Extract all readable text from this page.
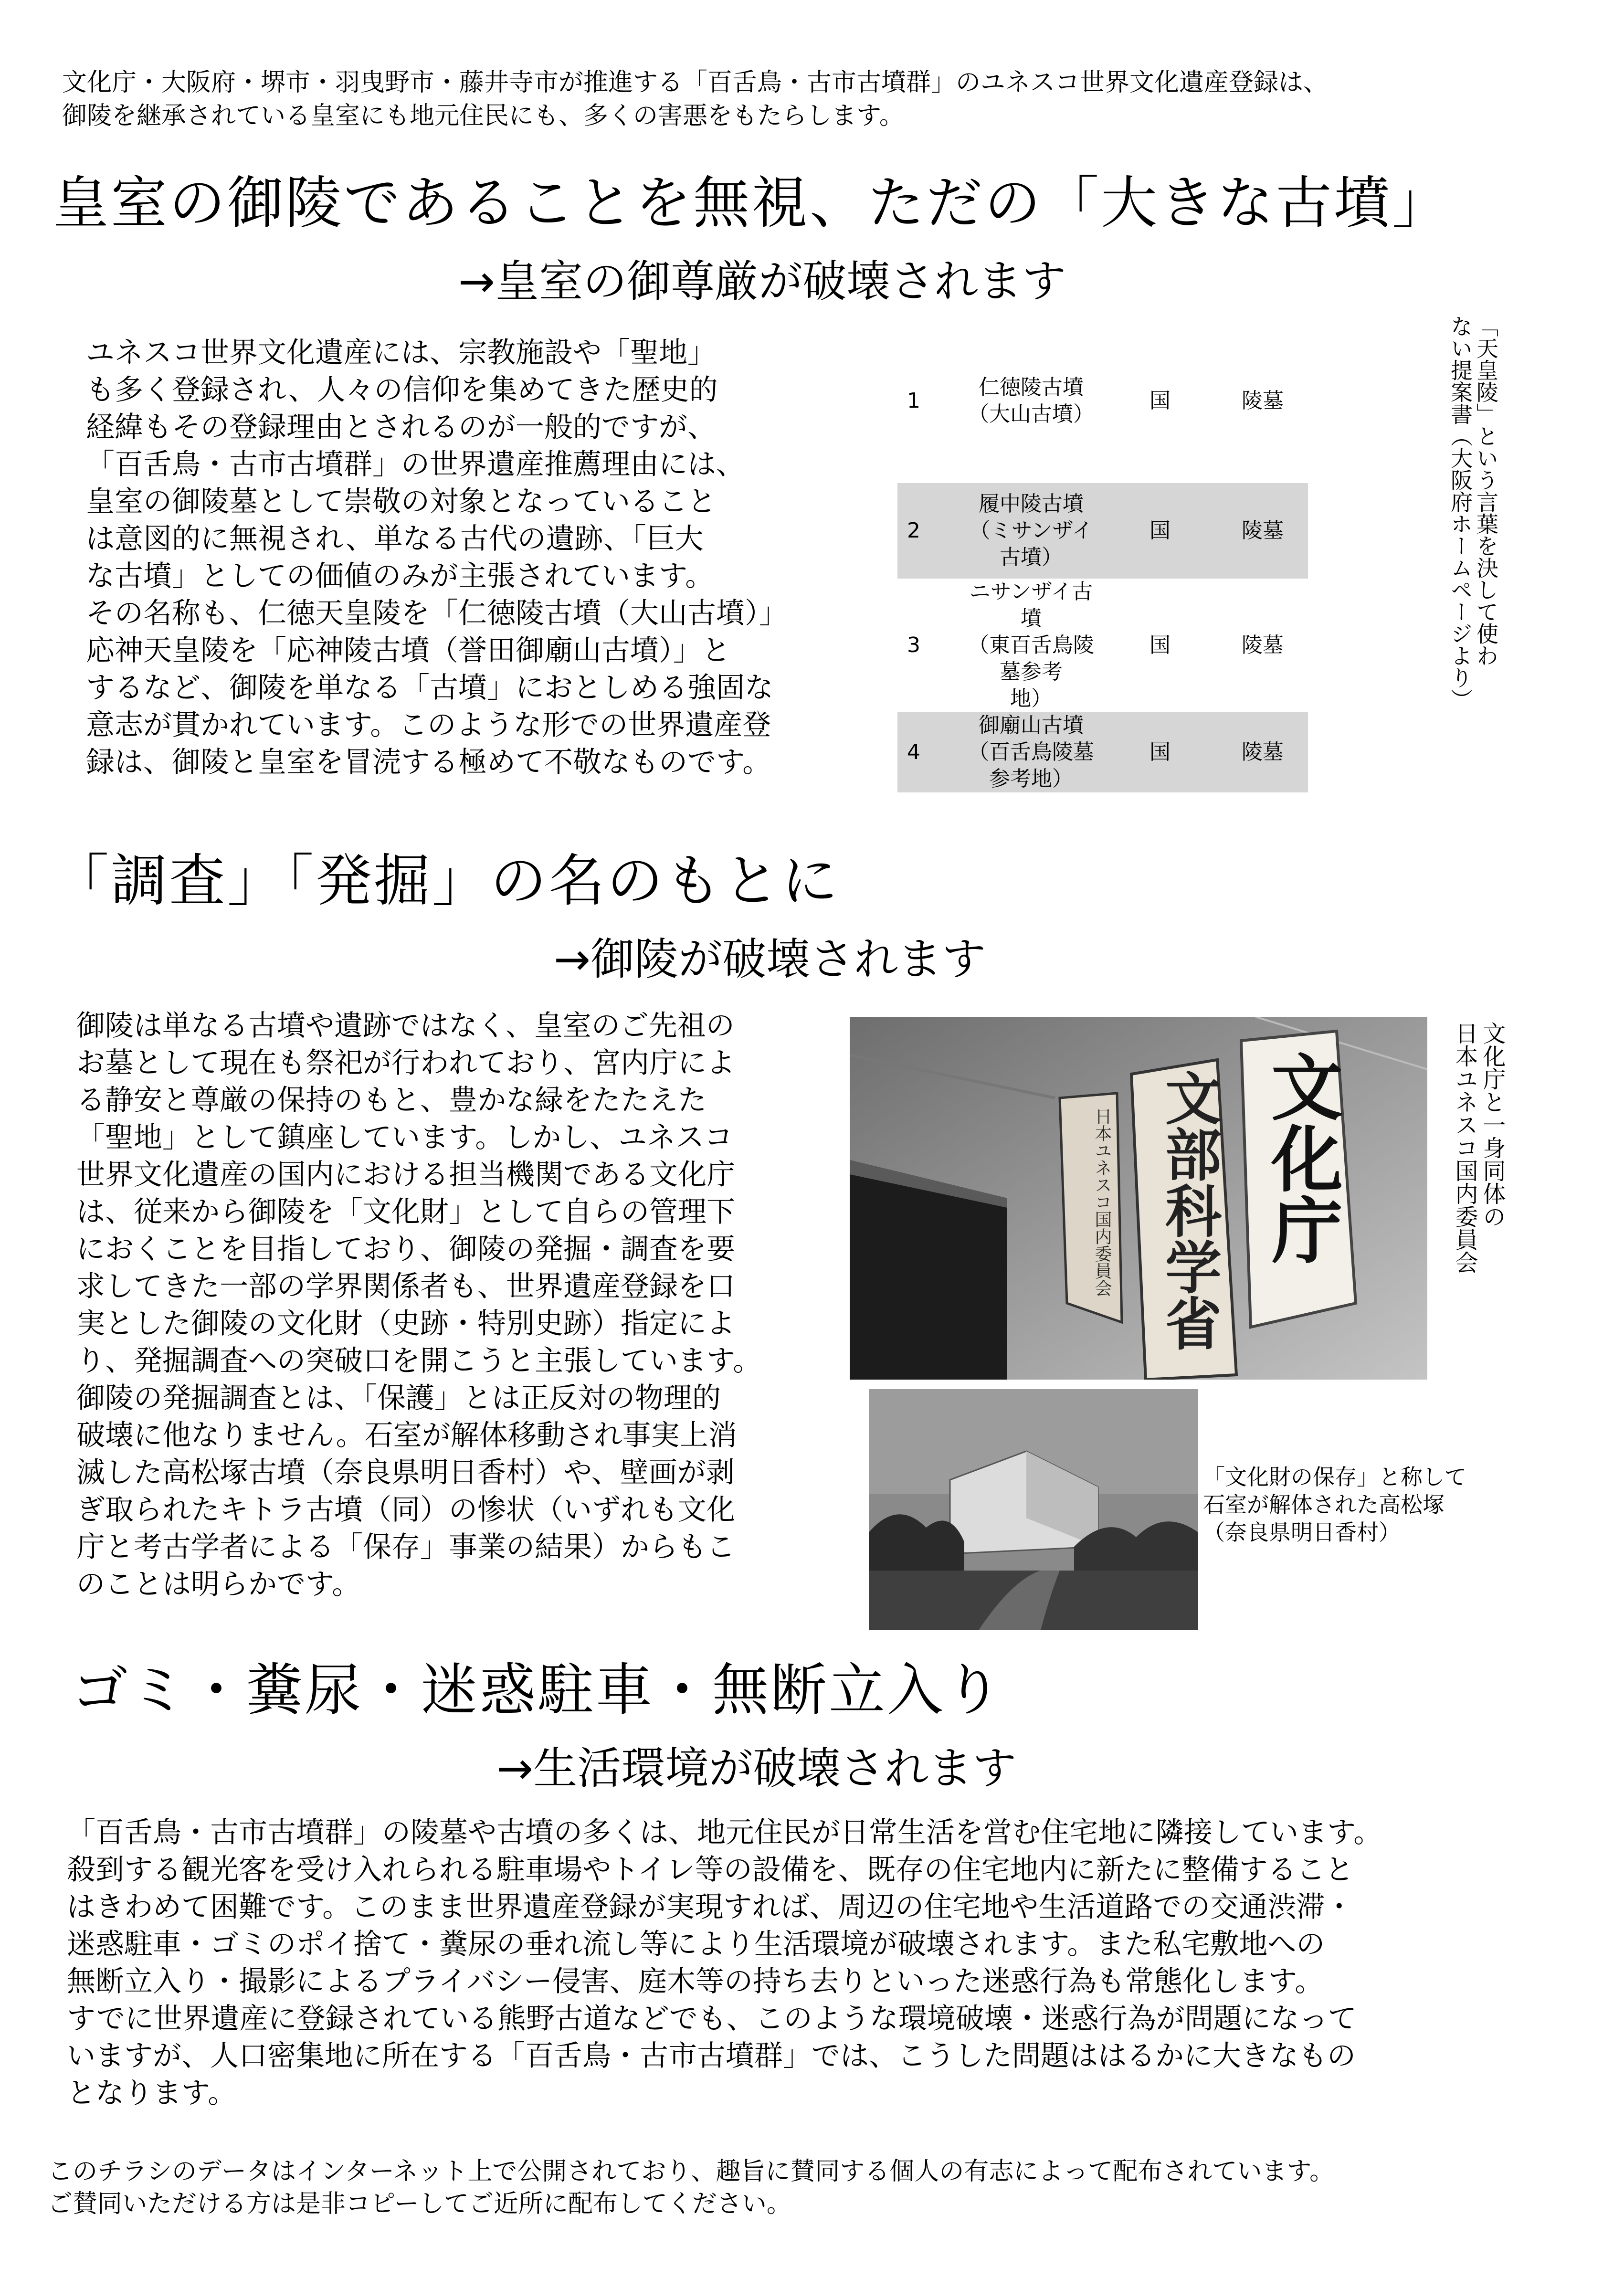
文化庁・大阪府・堺市・羽曳野市・藤井寺市が推進する「百舌鳥・古市古墳群」のユネスコ世界文化遺産登録は、
御陵を継承されている皇室にも地元住民にも、多くの害悪をもたらします。
皇室の御陵であることを無視、ただの「大きな古墳」
→皇室の御尊厳が破壊されます
ユネスコ世界文化遺産には、宗教施設や「聖地」
も多く登録され、人々の信仰を集めてきた歴史的
経緯もその登録理由とされるのが一般的ですが、
「百舌鳥・古市古墳群」の世界遺産推薦理由には、
皇室の御陵墓として崇敬の対象となっていること
は意図的に無視され、単なる古代の遺跡、「巨大
な古墳」としての価値のみが主張されています。
その名称も、仁徳天皇陵を「仁徳陵古墳（大山古墳）」
応神天皇陵を「応神陵古墳（誉田御廟山古墳）」と
するなど、御陵を単なる「古墳」におとしめる強固な
意志が貫かれています。このような形での世界遺産登
録は、御陵と皇室を冒涜する極めて不敬なものです。
1	仁徳陵古墳
（大山古墳）	国	陵墓

2	履中陵古墳
（ミサンザイ古墳）	国	陵墓
3	ニサンザイ古墳
（東百舌鳥陵墓参考
地）	国	陵墓
4	御廟山古墳
（百舌鳥陵墓参考地）	国	陵墓
「天皇陵」という言葉を決して使わ
ない提案書（大阪府ホームページより）
「調査」「発掘」の名のもとに
→御陵が破壊されます
御陵は単なる古墳や遺跡ではなく、皇室のご先祖の
お墓として現在も祭祀が行われており、宮内庁によ
る静安と尊厳の保持のもと、豊かな緑をたたえた
「聖地」として鎮座しています。しかし、ユネスコ
世界文化遺産の国内における担当機関である文化庁
は、従来から御陵を「文化財」として自らの管理下
におくことを目指しており、御陵の発掘・調査を要
求してきた一部の学界関係者も、世界遺産登録を口
実とした御陵の文化財（史跡・特別史跡）指定によ
り、発掘調査への突破口を開こうと主張しています。
御陵の発掘調査とは、「保護」とは正反対の物理的
破壊に他なりません。石室が解体移動され事実上消
滅した高松塚古墳（奈良県明日香村）や、壁画が剥
ぎ取られたキトラ古墳（同）の惨状（いずれも文化
庁と考古学者による「保存」事業の結果）からもこ
のことは明らかです。
文化庁
文部科学省
日本ユネスコ国内委員会	文化庁と一身同体の
日本ユネスコ国内委員会
「文化財の保存」と称して
石室が解体された高松塚
（奈良県明日香村）
ゴミ・糞尿・迷惑駐車・無断立入り
→生活環境が破壊されます
「百舌鳥・古市古墳群」の陵墓や古墳の多くは、地元住民が日常生活を営む住宅地に隣接しています。
殺到する観光客を受け入れられる駐車場やトイレ等の設備を、既存の住宅地内に新たに整備すること
はきわめて困難です。このまま世界遺産登録が実現すれば、周辺の住宅地や生活道路での交通渋滞・
迷惑駐車・ゴミのポイ捨て・糞尿の垂れ流し等により生活環境が破壊されます。また私宅敷地への
無断立入り・撮影によるプライバシー侵害、庭木等の持ち去りといった迷惑行為も常態化します。
すでに世界遺産に登録されている熊野古道などでも、このような環境破壊・迷惑行為が問題になって
いますが、人口密集地に所在する「百舌鳥・古市古墳群」では、こうした問題ははるかに大きなもの
となります。
このチラシのデータはインターネット上で公開されており、趣旨に賛同する個人の有志によって配布されています。
ご賛同いただける方は是非コピーしてご近所に配布してください。
